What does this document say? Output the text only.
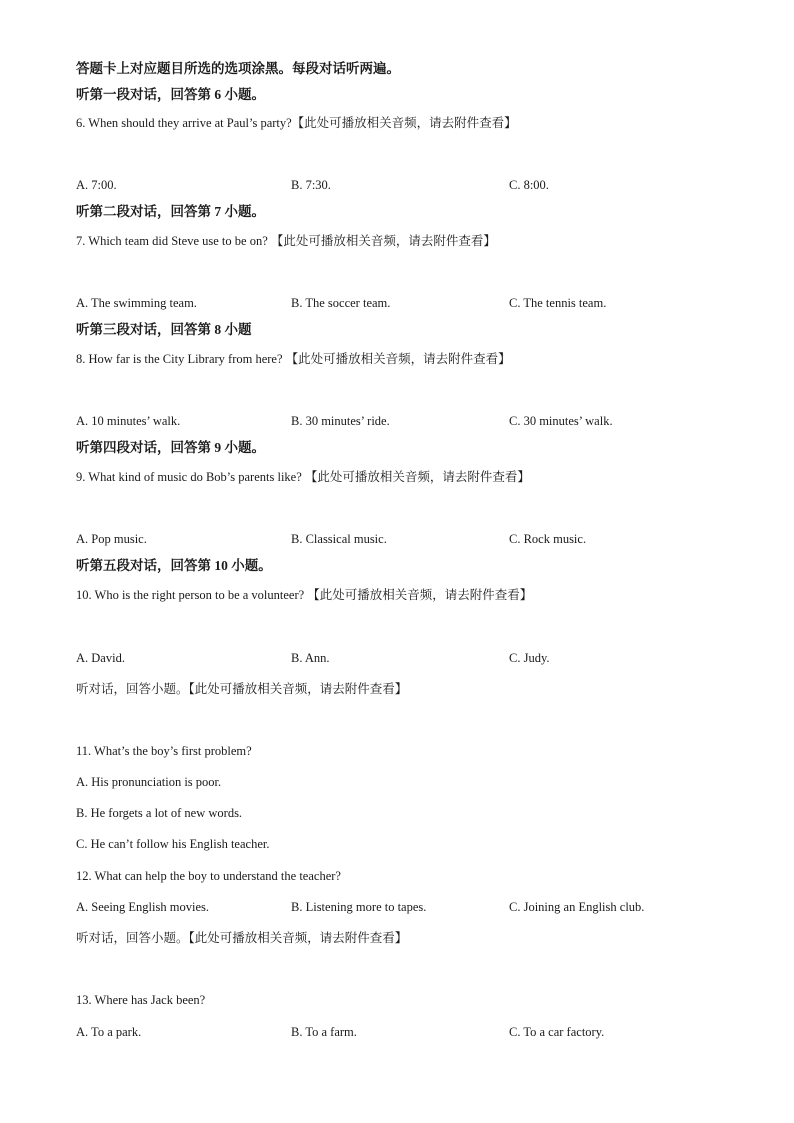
答题卡上对应题目所选的选项涂黑。每段对话听两遍。
听第一段对话，回答第 6 小题。
6. When should they arrive at Paul’s party?【此处可播放相关音频，请去附件查看】
A. 7:00.	B. 7:30.	C. 8:00.
听第二段对话，回答第 7 小题。
7. Which team did Steve use to be on? 【此处可播放相关音频，请去附件查看】
A. The swimming team.	B. The soccer team.	C. The tennis team.
听第三段对话，回答第 8 小题
8. How far is the City Library from here? 【此处可播放相关音频，请去附件查看】
A. 10 minutes’ walk.	B. 30 minutes’ ride.	C. 30 minutes’ walk.
听第四段对话，回答第 9 小题。
9. What kind of music do Bob’s parents like? 【此处可播放相关音频，请去附件查看】
A. Pop music.	B. Classical music.	C. Rock music.
听第五段对话，回答第 10 小题。
10. Who is the right person to be a volunteer? 【此处可播放相关音频，请去附件查看】
A. David.	B. Ann.	C. Judy.
听对话，回答小题。【此处可播放相关音频，请去附件查看】
11. What’s the boy’s first problem?
A. His pronunciation is poor.
B. He forgets a lot of new words.
C. He can’t follow his English teacher.
12. What can help the boy to understand the teacher?
A. Seeing English movies.	B. Listening more to tapes.	C. Joining an English club.
听对话，回答小题。【此处可播放相关音频，请去附件查看】
13. Where has Jack been?
A. To a park.	B. To a farm.	C. To a car factory.
